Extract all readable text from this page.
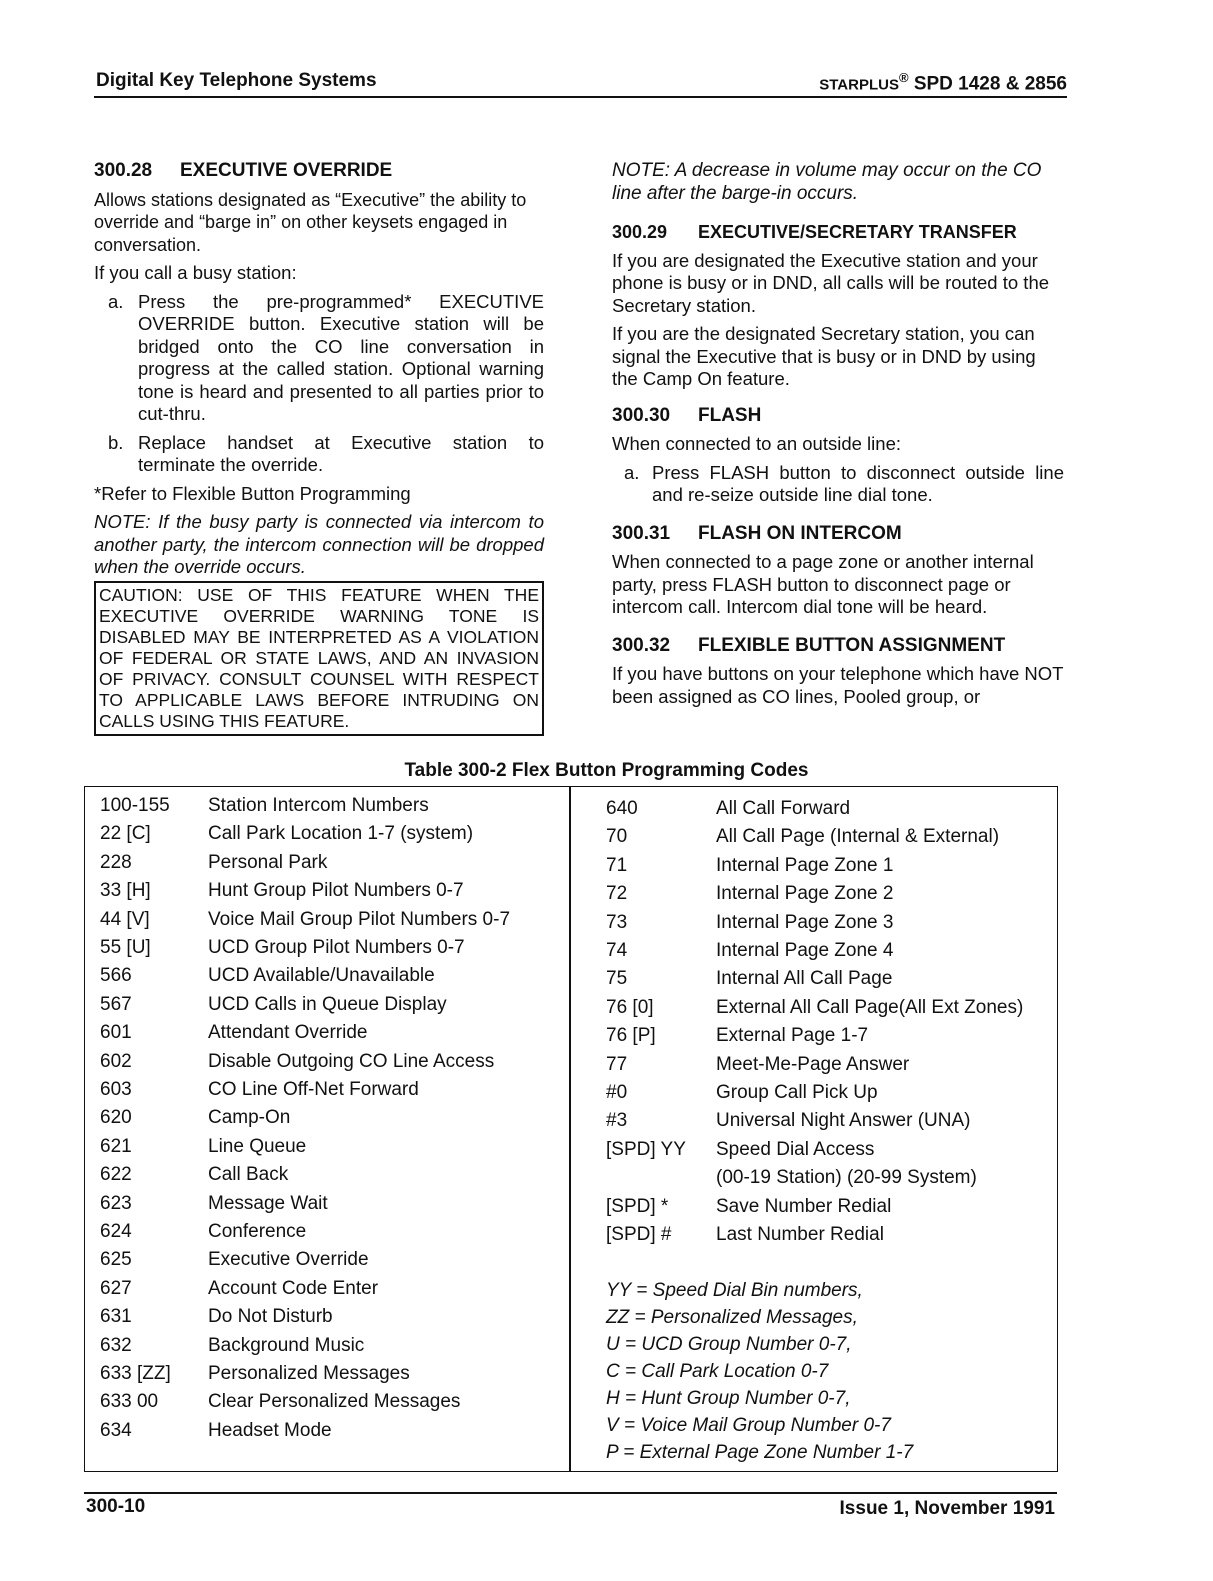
Digital Key Telephone Systems	STARPLUS® SPD 1428 & 2856
300.28 EXECUTIVE OVERRIDE

Allows stations designated as “Executive” the ability to override and “barge in” on other keysets engaged in conversation.

If you call a busy station:

a. Press the pre-programmed* EXECUTIVE OVERRIDE button. Executive station will be bridged onto the CO line conversation in progress at the called station. Optional warning tone is heard and presented to all parties prior to cut-thru.
b. Replace handset at Executive station to terminate the override.

*Refer to Flexible Button Programming

NOTE: If the busy party is connected via intercom to another party, the intercom connection will be dropped when the override occurs.

CAUTION: USE OF THIS FEATURE WHEN THE EXECUTIVE OVERRIDE WARNING TONE IS DISABLED MAY BE INTERPRETED AS A VIOLATION OF FEDERAL OR STATE LAWS, AND AN INVASION OF PRIVACY. CONSULT COUNSEL WITH RESPECT TO APPLICABLE LAWS BEFORE INTRUDING ON CALLS USING THIS FEATURE.

NOTE: A decrease in volume may occur on the CO line after the barge-in occurs.

300.29 EXECUTIVE/SECRETARY TRANSFER

If you are designated the Executive station and your phone is busy or in DND, all calls will be routed to the Secretary station.

If you are the designated Secretary station, you can signal the Executive that is busy or in DND by using the Camp On feature.

300.30 FLASH

When connected to an outside line:

a. Press FLASH button to disconnect outside line and re-seize outside line dial tone.
300.31 FLASH ON INTERCOM

When connected to a page zone or another internal party, press FLASH button to disconnect page or intercom call. Intercom dial tone will be heard.

300.32 FLEXIBLE BUTTON ASSIGNMENT

If you have buttons on your telephone which have NOT been assigned as CO lines, Pooled group, or

Table 300-2 Flex Button Programming Codes
100-155 Station Intercom Numbers
22 [C]	Call Park Location 1-7 (system)
228	Personal Park
33 [H]	Hunt Group Pilot Numbers 0-7
44 [V]	Voice Mail Group Pilot Numbers 0-7
55 [U]	UCD Group Pilot Numbers 0-7
566	UCD Available/Unavailable
567	UCD Calls in Queue Display
601	Attendant Override
602	Disable Outgoing CO Line Access
603	CO Line Off-Net Forward
620	Camp-On
621	Line Queue
622	Call Back
623	Message Wait
624	Conference
625	Executive Override
627	Account Code Enter
631	Do Not Disturb
632	Background Music
633 [ZZ] Personalized Messages
633 00	Clear Personalized Messages
634	Headset Mode
640	All Call Forward
70	All Call Page (Internal & External)
71	Internal Page Zone 1
72	Internal Page Zone 2
73	Internal Page Zone 3
74	Internal Page Zone 4
75	Internal All Call Page
76 [0]	External All Call Page(All Ext Zones)
76 [P]	External Page 1-7
77	Meet-Me-Page Answer
#0	Group Call Pick Up
#3	Universal Night Answer (UNA)
[SPD] YY Speed Dial Access
(00-19 Station) (20-99 System)
[SPD] *	Save Number Redial
[SPD] # Last Number Redial
YY = Speed Dial Bin numbers,
ZZ = Personalized Messages,
U = UCD Group Number 0-7,
C = Call Park Location 0-7
H = Hunt Group Number 0-7,
V = Voice Mail Group Number 0-7
P = External Page Zone Number 1-7
300-10	Issue 1, November 1991
